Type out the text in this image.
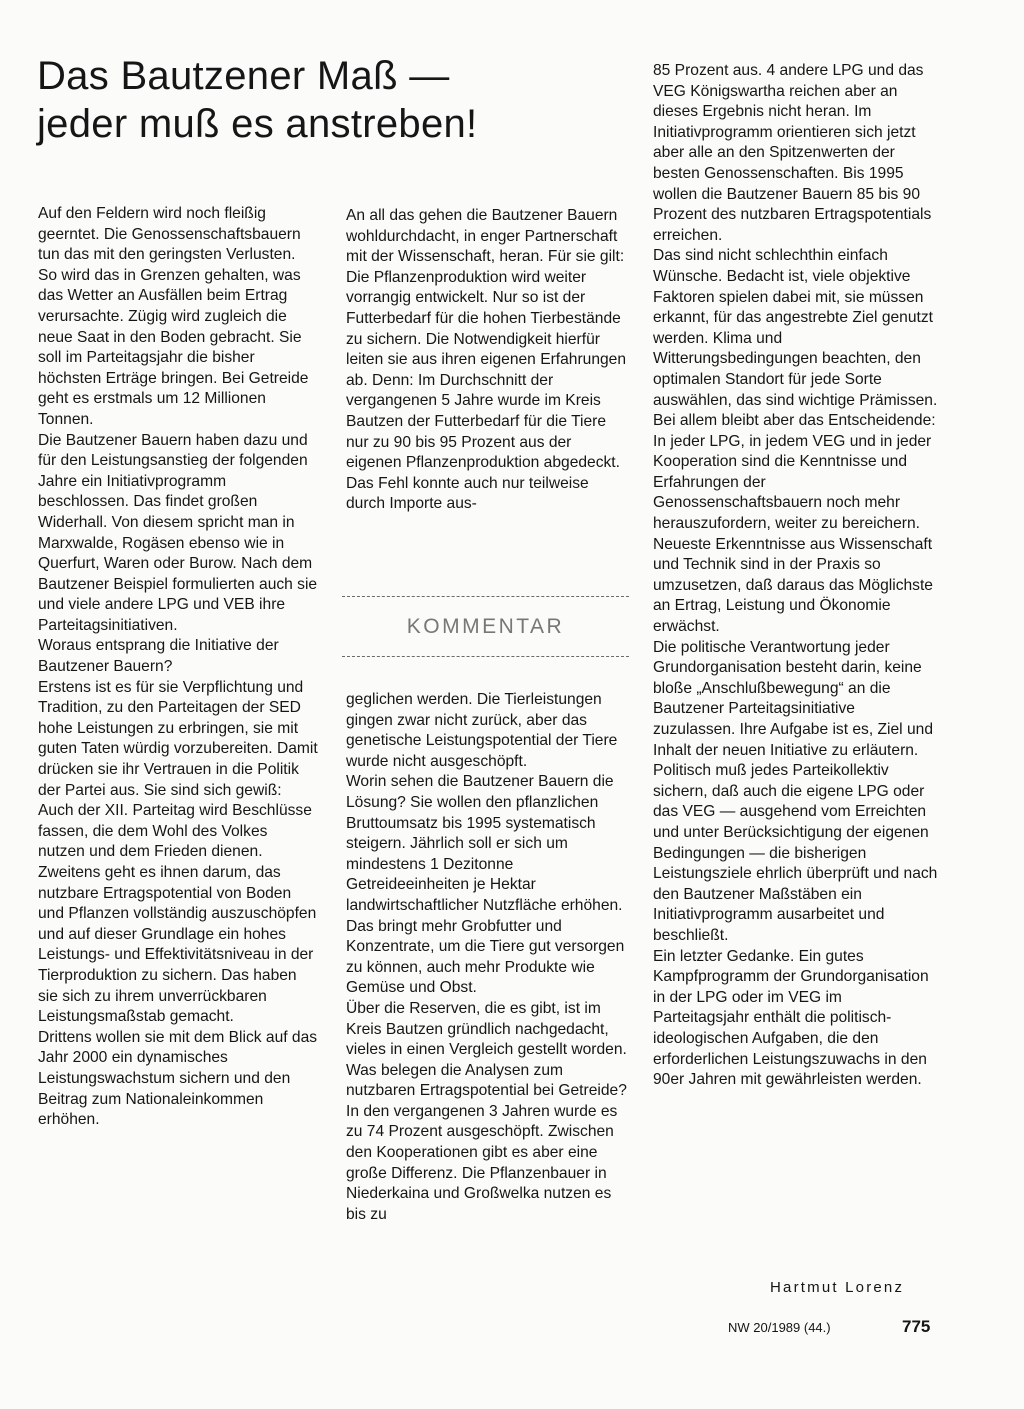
Das Bautzener Maß —
jeder muß es anstreben!

Auf den Feldern wird noch fleißig geerntet. Die Genossenschaftsbauern tun das mit den geringsten Verlusten. So wird das in Grenzen gehalten, was das Wetter an Ausfällen beim Ertrag verursachte. Zügig wird zugleich die neue Saat in den Boden gebracht. Sie soll im Parteitagsjahr die bisher höchsten Erträge bringen. Bei Getreide geht es erstmals um 12 Millionen Tonnen.

Die Bautzener Bauern haben dazu und für den Leistungsanstieg der folgenden Jahre ein Initiativprogramm beschlossen. Das findet großen Widerhall. Von diesem spricht man in Marxwalde, Rogäsen ebenso wie in Querfurt, Waren oder Burow. Nach dem Bautzener Beispiel formulierten auch sie und viele andere LPG und VEB ihre Parteitagsinitiativen.

Woraus entsprang die Initiative der Bautzener Bauern?

Erstens ist es für sie Verpflichtung und Tradition, zu den Parteitagen der SED hohe Leistungen zu erbringen, sie mit guten Taten würdig vorzubereiten. Damit drücken sie ihr Vertrauen in die Politik der Partei aus. Sie sind sich gewiß: Auch der XII. Parteitag wird Beschlüsse fassen, die dem Wohl des Volkes nutzen und dem Frieden dienen.

Zweitens geht es ihnen darum, das nutzbare Ertragspotential von Boden und Pflanzen vollständig auszuschöpfen und auf dieser Grundlage ein hohes Leistungs- und Effektivitätsniveau in der Tierproduktion zu sichern. Das haben sie sich zu ihrem unverrückbaren Leistungsmaßstab gemacht.

Drittens wollen sie mit dem Blick auf das Jahr 2000 ein dynamisches Leistungswachstum sichern und den Beitrag zum Nationaleinkommen erhöhen.

An all das gehen die Bautzener Bauern wohldurchdacht, in enger Partnerschaft mit der Wissenschaft, heran. Für sie gilt: Die Pflanzenproduktion wird weiter vorrangig entwickelt. Nur so ist der Futterbedarf für die hohen Tierbestände zu sichern. Die Notwendigkeit hierfür leiten sie aus ihren eigenen Erfahrungen ab. Denn: Im Durchschnitt der vergangenen 5 Jahre wurde im Kreis Bautzen der Futterbedarf für die Tiere nur zu 90 bis 95 Prozent aus der eigenen Pflanzenproduktion abgedeckt. Das Fehl konnte auch nur teilweise durch Importe aus-

KOMMENTAR

geglichen werden. Die Tierleistungen gingen zwar nicht zurück, aber das genetische Leistungspotential der Tiere wurde nicht ausgeschöpft.

Worin sehen die Bautzener Bauern die Lösung? Sie wollen den pflanzlichen Bruttoumsatz bis 1995 systematisch steigern. Jährlich soll er sich um mindestens 1 Dezitonne Getreideeinheiten je Hektar landwirtschaftlicher Nutzfläche erhöhen. Das bringt mehr Grobfutter und Konzentrate, um die Tiere gut versorgen zu können, auch mehr Produkte wie Gemüse und Obst.

Über die Reserven, die es gibt, ist im Kreis Bautzen gründlich nachgedacht, vieles in einen Vergleich gestellt worden. Was belegen die Analysen zum nutzbaren Ertragspotential bei Getreide? In den vergangenen 3 Jahren wurde es zu 74 Prozent ausgeschöpft. Zwischen den Kooperationen gibt es aber eine große Differenz. Die Pflanzenbauer in Niederkaina und Großwelka nutzen es bis zu

85 Prozent aus. 4 andere LPG und das VEG Königswartha reichen aber an dieses Ergebnis nicht heran. Im Initiativprogramm orientieren sich jetzt aber alle an den Spitzenwerten der besten Genossenschaften. Bis 1995 wollen die Bautzener Bauern 85 bis 90 Prozent des nutzbaren Ertragspotentials erreichen.

Das sind nicht schlechthin einfach Wünsche. Bedacht ist, viele objektive Faktoren spielen dabei mit, sie müssen erkannt, für das angestrebte Ziel genutzt werden. Klima und Witterungsbedingungen beachten, den optimalen Standort für jede Sorte auswählen, das sind wichtige Prämissen. Bei allem bleibt aber das Entscheidende: In jeder LPG, in jedem VEG und in jeder Kooperation sind die Kenntnisse und Erfahrungen der Genossenschaftsbauern noch mehr herauszufordern, weiter zu bereichern. Neueste Erkenntnisse aus Wissenschaft und Technik sind in der Praxis so umzusetzen, daß daraus das Möglichste an Ertrag, Leistung und Ökonomie erwächst.

Die politische Verantwortung jeder Grundorganisation besteht darin, keine bloße „Anschlußbewegung“ an die Bautzener Parteitagsinitiative zuzulassen. Ihre Aufgabe ist es, Ziel und Inhalt der neuen Initiative zu erläutern. Politisch muß jedes Parteikollektiv sichern, daß auch die eigene LPG oder das VEG — ausgehend vom Erreichten und unter Berücksichtigung der eigenen Bedingungen — die bisherigen Leistungsziele ehrlich überprüft und nach den Bautzener Maßstäben ein Initiativprogramm ausarbeitet und beschließt.

Ein letzter Gedanke. Ein gutes Kampfprogramm der Grundorganisation in der LPG oder im VEG im Parteitagsjahr enthält die politisch-ideologischen Aufgaben, die den erforderlichen Leistungszuwachs in den 90er Jahren mit gewährleisten werden.

Hartmut Lorenz
NW 20/1989 (44.)	775
